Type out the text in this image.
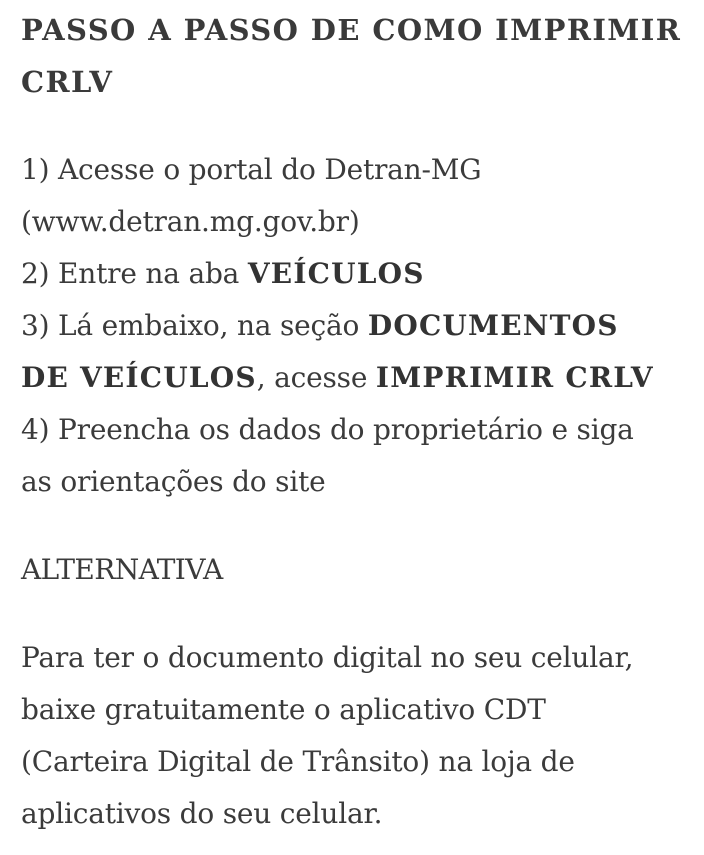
PASSO A PASSO DE COMO IMPRIMIR
CRLV
1) Acesse o portal do Detran-MG
(www.detran.mg.gov.br)
2) Entre na aba VEÍCULOS
3) Lá embaixo, na seção DOCUMENTOS
DE VEÍCULOS, acesse IMPRIMIR CRLV
4) Preencha os dados do proprietário e siga
as orientações do site
ALTERNATIVA
Para ter o documento digital no seu celular,
baixe gratuitamente o aplicativo CDT
(Carteira Digital de Trânsito) na loja de
aplicativos do seu celular.
